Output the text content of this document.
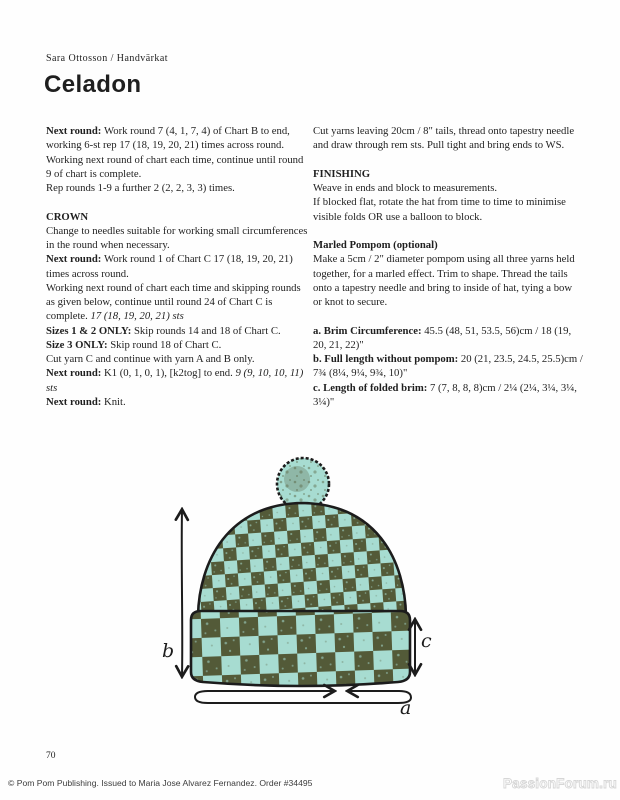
Sara Ottosson / Handvärkat
Celadon

Next round: Work round 7 (4, 1, 7, 4) of Chart B to end, working 6-st rep 17 (18, 19, 20, 21) times across round. Working next round of chart each time, continue until round 9 of chart is complete.

Rep rounds 1-9 a further 2 (2, 2, 3, 3) times.

CROWN

Change to needles suitable for working small circumferences in the round when necessary.

Next round: Work round 1 of Chart C 17 (18, 19, 20, 21) times across round.

Working next round of chart each time and skipping rounds as given below, continue until round 24 of Chart C is complete. 17 (18, 19, 20, 21) sts

Sizes 1 & 2 ONLY: Skip rounds 14 and 18 of Chart C.

Size 3 ONLY: Skip round 18 of Chart C.

Cut yarn C and continue with yarn A and B only.

Next round: K1 (0, 1, 0, 1), [k2tog] to end. 9 (9, 10, 10, 11) sts

Next round: Knit.

Cut yarns leaving 20cm / 8" tails, thread onto tapestry needle and draw through rem sts. Pull tight and bring ends to WS.

FINISHING

Weave in ends and block to measurements.

If blocked flat, rotate the hat from time to time to minimise visible folds OR use a balloon to block.

Marled Pompom (optional)

Make a 5cm / 2" diameter pompom using all three yarns held together, for a marled effect. Trim to shape. Thread the tails onto a tapestry needle and bring to inside of hat, tying a bow or knot to secure.

a. Brim Circumference: 45.5 (48, 51, 53.5, 56)cm / 18 (19, 20, 21, 22)"

b. Full length without pompom: 20 (21, 23.5, 24.5, 25.5)cm / 7¾ (8¼, 9¼, 9¾, 10)"

c. Length of folded brim: 7 (7, 8, 8, 8)cm / 2¼ (2¼, 3¼, 3¼, 3¼)"

b	c
a
70
© Pom Pom Publishing. Issued to Maria Jose Alvarez Fernandez. Order #34495	PassionForum.ru
